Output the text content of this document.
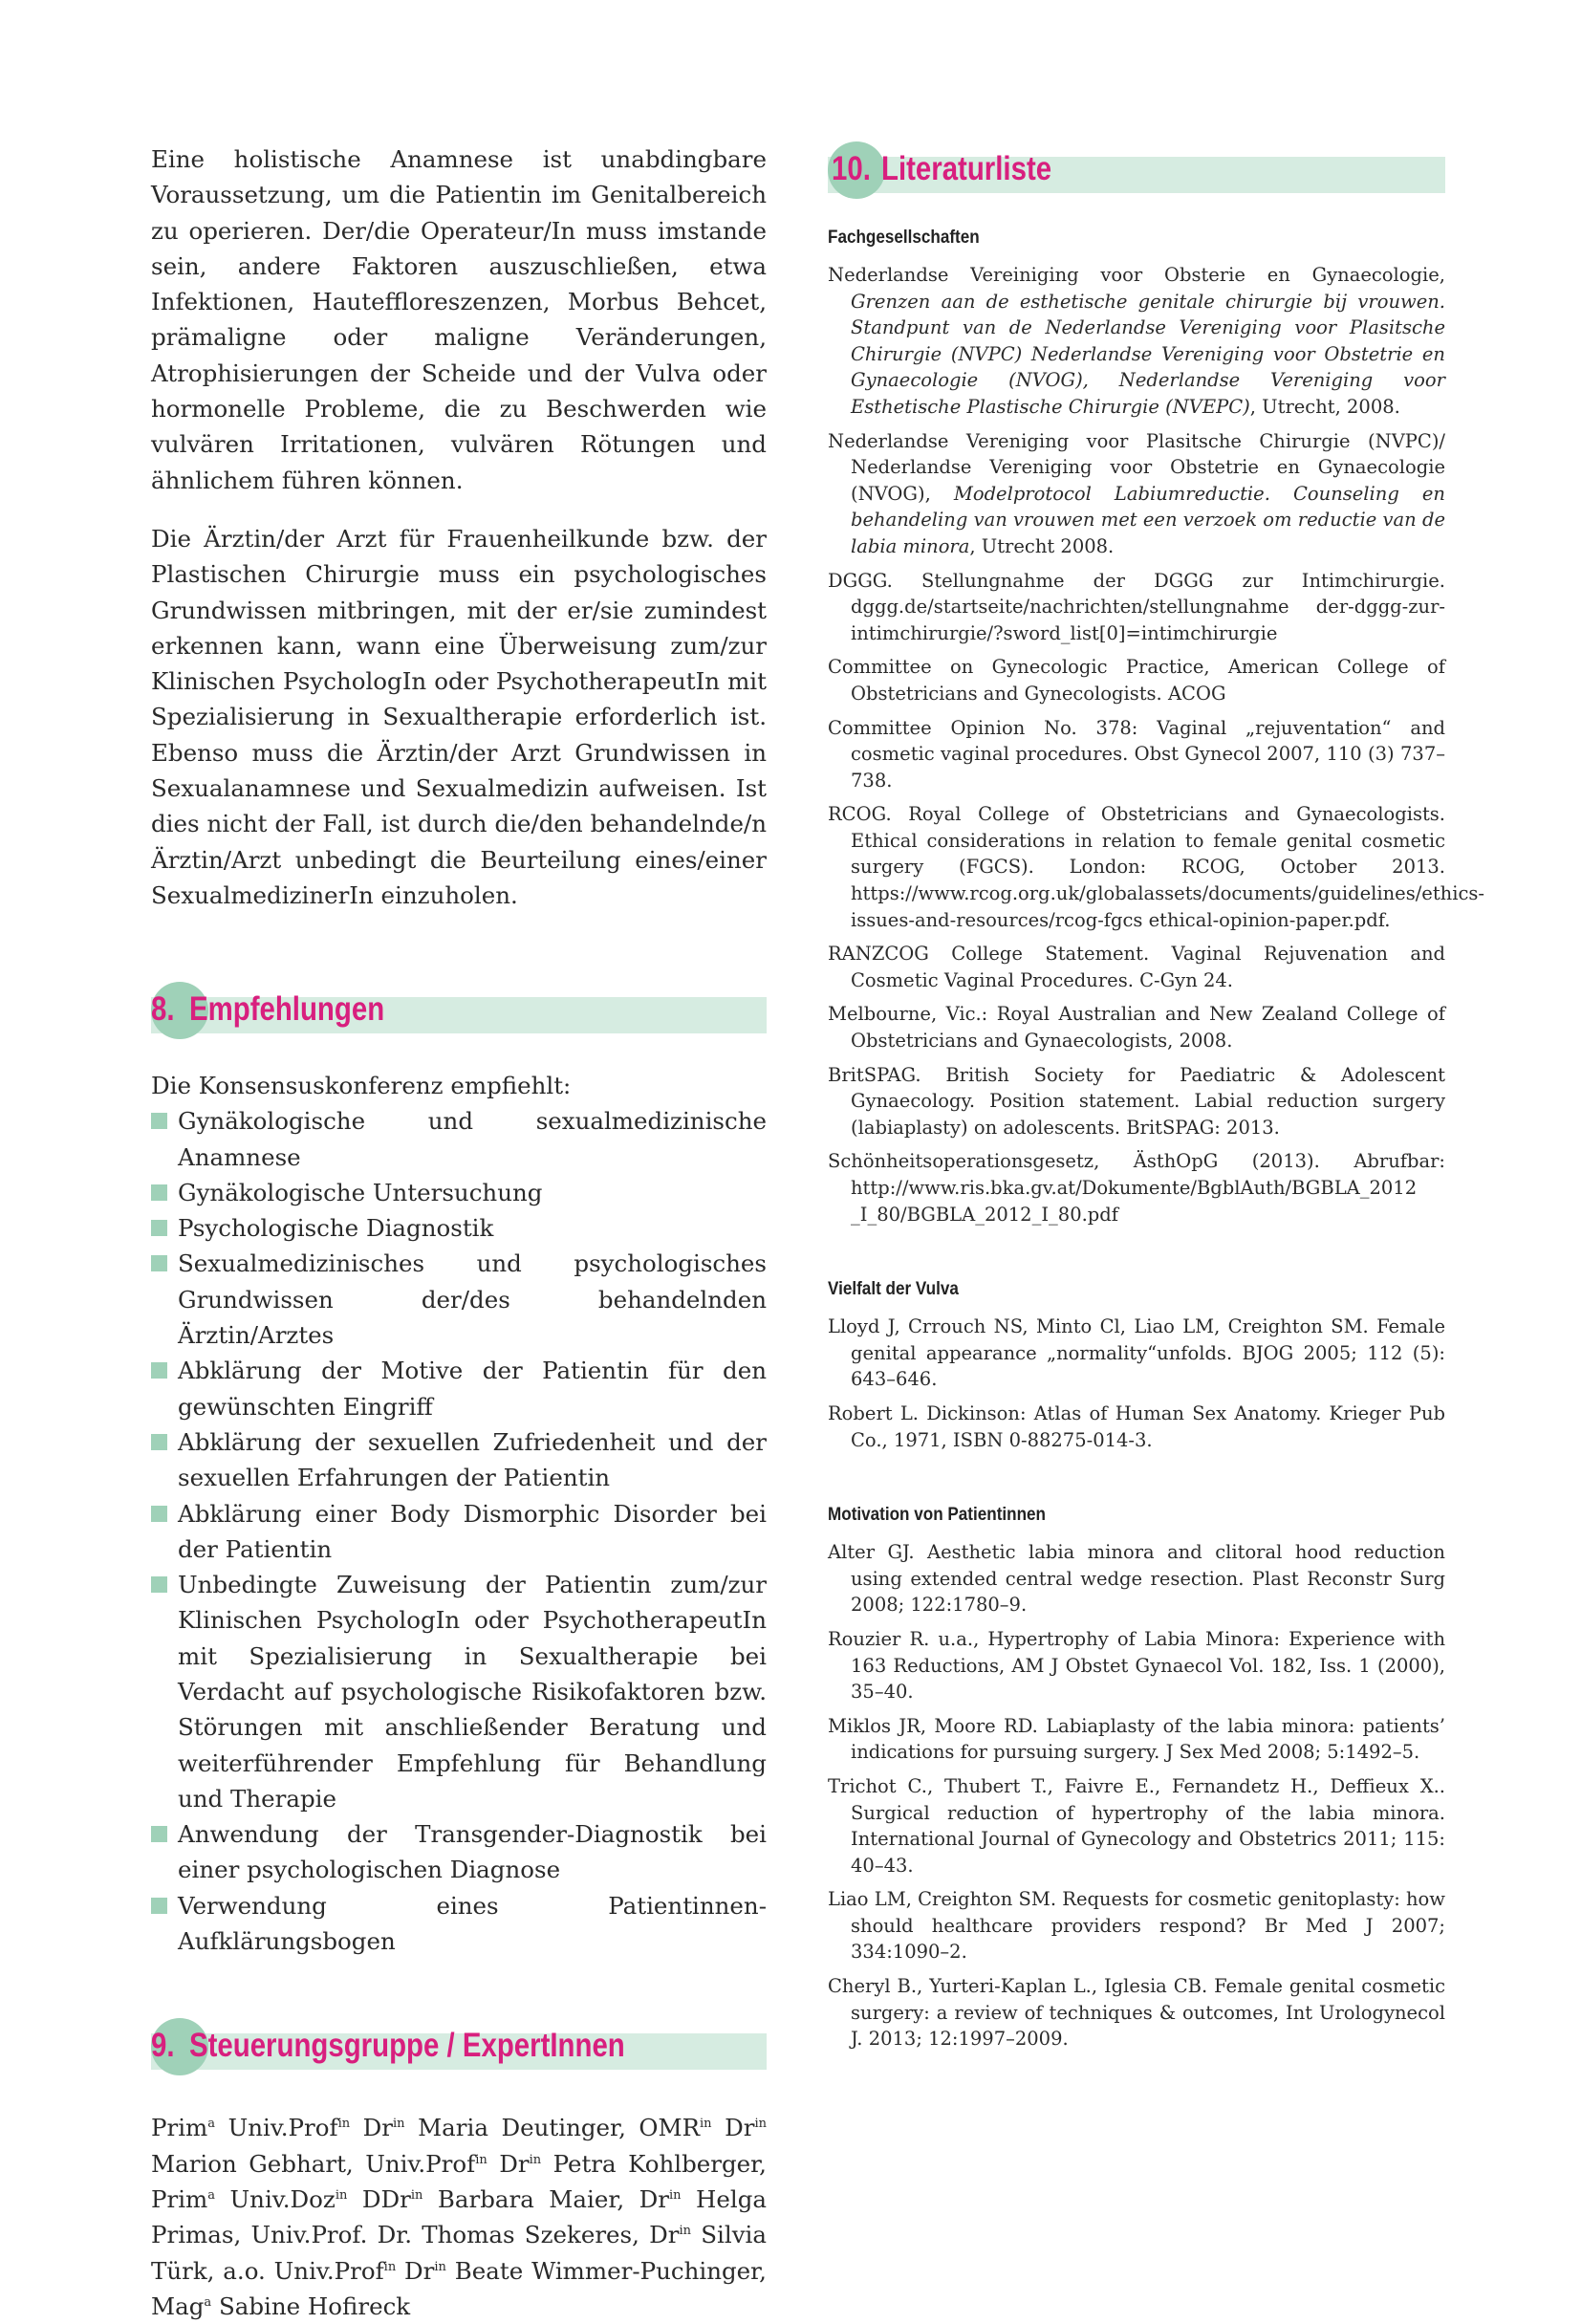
Eine holistische Anamnese ist unabdingbare Voraussetzung, um die Patientin im Genitalbereich zu operieren. Der/die Operateur/In muss imstande sein, andere Faktoren auszuschließen, etwa Infektionen, Hauteffloreszenzen, Morbus Behcet, prämaligne oder maligne Veränderungen, Atrophisierungen der Scheide und der Vulva oder hormonelle Probleme, die zu Beschwerden wie vulvären Irritationen, vulvären Rötungen und ähnlichem führen können.

Die Ärztin/der Arzt für Frauenheilkunde bzw. der Plastischen Chirurgie muss ein psychologisches Grundwissen mitbringen, mit der er/sie zumindest erkennen kann, wann eine Überweisung zum/zur Klinischen PsychologIn oder PsychotherapeutIn mit Spezialisierung in Sexualtherapie erforderlich ist. Ebenso muss die Ärztin/der Arzt Grundwissen in Sexualanamnese und Sexualmedizin aufweisen. Ist dies nicht der Fall, ist durch die/den behandelnde/n Ärztin/Arzt unbedingt die Beurteilung eines/einer SexualmedizinerIn einzuholen.

8. Empfehlungen

Die Konsensuskonferenz empfiehlt:

Gynäkologische und sexualmedizinische Anamnese
Gynäkologische Untersuchung
Psychologische Diagnostik
Sexualmedizinisches und psychologisches Grundwissen der/des behandelnden Ärztin/Arztes
Abklärung der Motive der Patientin für den gewünschten Eingriff
Abklärung der sexuellen Zufriedenheit und der sexuellen Erfahrungen der Patientin
Abklärung einer Body Dismorphic Disorder bei der Patientin
Unbedingte Zuweisung der Patientin zum/zur Klinischen PsychologIn oder PsychotherapeutIn mit Spezialisierung in Sexualtherapie bei Verdacht auf psychologische Risikofaktoren bzw. Störungen mit anschließender Beratung und weiterführender Empfehlung für Behandlung und Therapie
Anwendung der Transgender-Diagnostik bei einer psychologischen Diagnose
Verwendung eines Patientinnen-Aufklärungsbogen
9. Steuerungsgruppe / ExpertInnen

Prim$^a$ Univ.Prof$^{in}$ $Dr^{in}$ Maria Deutinger, $OMR^{in}$ $Dr^{in}$ Marion Gebhart, Univ.Prof$^{in}$ $Dr^{in}$ Petra Kohlberger, Prim$^a$ Univ.Doz$^{in}$ DDr$^{in}$ Barbara Maier, $Dr^{in}$ Helga Primas, Univ.Prof. Dr. Thomas Szekeres, $Dr^{in}$ Silvia Türk, a.o. Univ.Prof$^{in}$ $Dr^{in}$ Beate Wimmer-Puchinger, Mag$^a$ Sabine Hofireck

10. Literaturliste

Fachgesellschaften

Nederlandse Vereiniging voor Obsterie en Gynaecologie, Grenzen aan de esthetische genitale chirurgie bij vrouwen. Standpunt van de Nederlandse Vereniging voor Plasitsche Chirurgie (NVPC) Nederlandse Vereniging voor Obstetrie en Gynaecologie (NVOG), Nederlandse Vereniging voor Esthetische Plastische Chirurgie (NVEPC), Utrecht, 2008.

Nederlandse Vereniging voor Plasitsche Chirurgie (NVPC)/ Nederlandse Vereniging voor Obstetrie en Gynaecologie (NVOG), Modelprotocol Labiumreductie. Counseling en behandeling van vrouwen met een verzoek om reductie van de labia minora, Utrecht 2008.

DGGG. Stellungnahme der DGGG zur Intimchirurgie. dggg.de/startseite/nachrichten/stellungnahme der-dggg-zur-intimchirurgie/?sword_list[0]=intimchirurgie

Committee on Gynecologic Practice, American College of Obstetricians and Gynecologists. ACOG

Committee Opinion No. 378: Vaginal „rejuventation“ and cosmetic vaginal procedures. Obst Gynecol 2007, 110 (3) 737–738.

RCOG. Royal College of Obstetricians and Gynaecologists. Ethical considerations in relation to female genital cosmetic surgery (FGCS). London: RCOG, October 2013. https://www.rcog.org.uk/globalassets/documents/guidelines/ethics-issues-and-resources/rcog-fgcs ethical-opinion-paper.pdf.

RANZCOG College Statement. Vaginal Rejuvenation and Cosmetic Vaginal Procedures. C-Gyn 24.

Melbourne, Vic.: Royal Australian and New Zealand College of Obstetricians and Gynaecologists, 2008.

BritSPAG. British Society for Paediatric & Adolescent Gynaecology. Position statement. Labial reduction surgery (labiaplasty) on adolescents. BritSPAG: 2013.

Schönheitsoperationsgesetz, ÄsthOpG (2013). Abrufbar: http://www.ris.bka.gv.at/Dokumente/BgblAuth/BGBLA_2012 _I_80/BGBLA_2012_I_80.pdf

Vielfalt der Vulva

Lloyd J, Crrouch NS, Minto Cl, Liao LM, Creighton SM. Female genital appearance „normality“unfolds. BJOG 2005; 112 (5): 643–646.

Robert L. Dickinson: Atlas of Human Sex Anatomy. Krieger Pub Co., 1971, ISBN 0-88275-014-3.

Motivation von Patientinnen

Alter GJ. Aesthetic labia minora and clitoral hood reduction using extended central wedge resection. Plast Reconstr Surg 2008; 122:1780–9.

Rouzier R. u.a., Hypertrophy of Labia Minora: Experience with 163 Reductions, AM J Obstet Gynaecol Vol. 182, Iss. 1 (2000), 35–40.

Miklos JR, Moore RD. Labiaplasty of the labia minora: patients’ indications for pursuing surgery. J Sex Med 2008; 5:1492–5.

Trichot C., Thubert T., Faivre E., Fernandetz H., Deffieux X.. Surgical reduction of hypertrophy of the labia minora. International Journal of Gynecology and Obstetrics 2011; 115: 40–43.

Liao LM, Creighton SM. Requests for cosmetic genitoplasty: how should healthcare providers respond? Br Med J 2007; 334:1090–2.

Cheryl B., Yurteri-Kaplan L., Iglesia CB. Female genital cosmetic surgery: a review of techniques & outcomes, Int Urologynecol J. 2013; 12:1997–2009.
